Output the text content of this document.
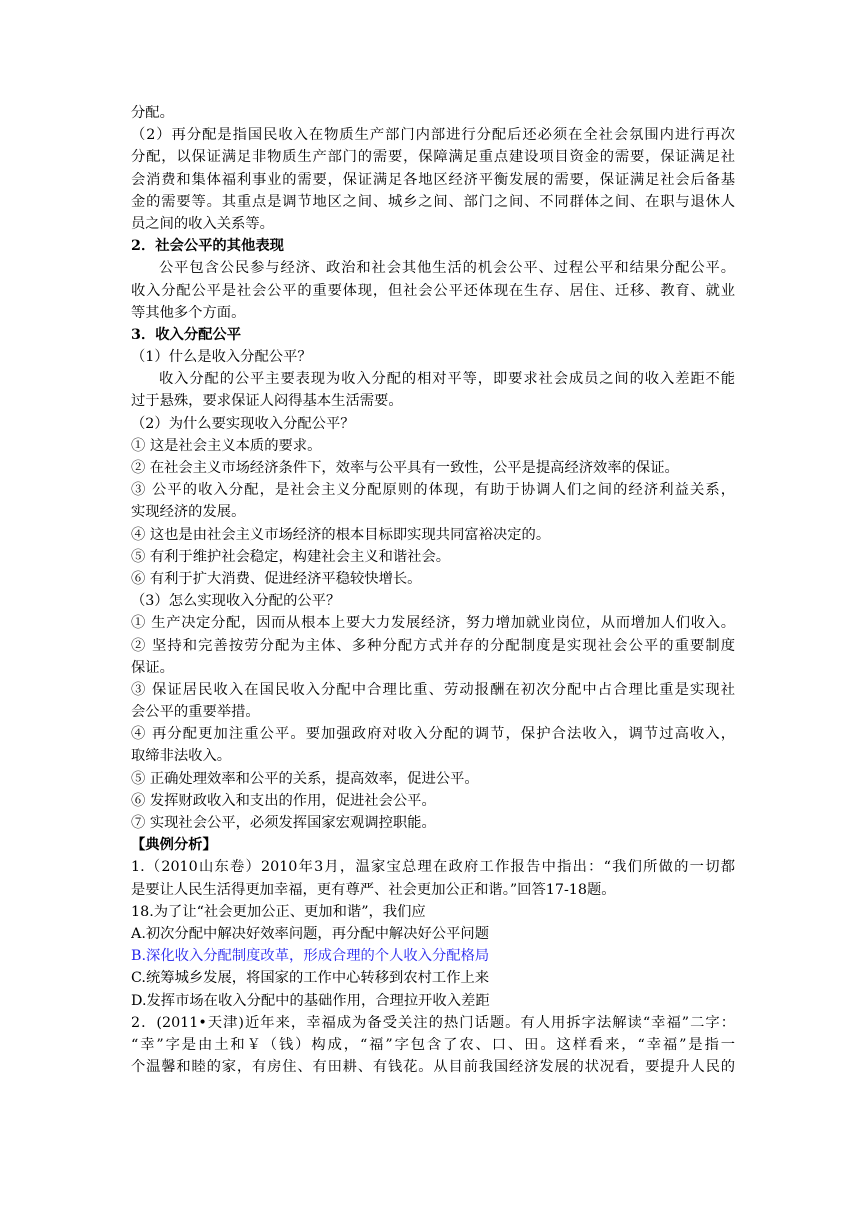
分配。
（2）再分配是指国民收入在物质生产部门内部进行分配后还必须在全社会氛围内进行再次
分配，以保证满足非物质生产部门的需要，保障满足重点建设项目资金的需要，保证满足社
会消费和集体福利事业的需要，保证满足各地区经济平衡发展的需要，保证满足社会后备基
金的需要等。其重点是调节地区之间、城乡之间、部门之间、不同群体之间、在职与退休人
员之间的收入关系等。
2．社会公平的其他表现
公平包含公民参与经济、政治和社会其他生活的机会公平、过程公平和结果分配公平。
收入分配公平是社会公平的重要体现，但社会公平还体现在生存、居住、迁移、教育、就业
等其他多个方面。
3．收入分配公平
（1）什么是收入分配公平？
收入分配的公平主要表现为收入分配的相对平等，即要求社会成员之间的收入差距不能
过于悬殊，要求保证人闷得基本生活需要。
（2）为什么要实现收入分配公平？
① 这是社会主义本质的要求。
② 在社会主义市场经济条件下，效率与公平具有一致性，公平是提高经济效率的保证。
③ 公平的收入分配，是社会主义分配原则的体现，有助于协调人们之间的经济利益关系，
实现经济的发展。
④ 这也是由社会主义市场经济的根本目标即实现共同富裕决定的。
⑤ 有利于维护社会稳定，构建社会主义和谐社会。
⑥ 有利于扩大消费、促进经济平稳较快增长。
（3）怎么实现收入分配的公平？
① 生产决定分配，因而从根本上要大力发展经济，努力增加就业岗位，从而增加人们收入。
② 坚持和完善按劳分配为主体、多种分配方式并存的分配制度是实现社会公平的重要制度
保证。
③ 保证居民收入在国民收入分配中合理比重、劳动报酬在初次分配中占合理比重是实现社
会公平的重要举措。
④ 再分配更加注重公平。要加强政府对收入分配的调节，保护合法收入，调节过高收入，
取缔非法收入。
⑤ 正确处理效率和公平的关系，提高效率，促进公平。
⑥ 发挥财政收入和支出的作用，促进社会公平。
⑦ 实现社会公平，必须发挥国家宏观调控职能。
【典例分析】
1.（2010山东卷）2010年3月，温家宝总理在政府工作报告中指出：“我们所做的一切都
是要让人民生活得更加幸福，更有尊严、社会更加公正和谐。”回答17-18题。
18.为了让“社会更加公正、更加和谐”，我们应
A.初次分配中解决好效率问题，再分配中解决好公平问题
B.深化收入分配制度改革，形成合理的个人收入分配格局
C.统筹城乡发展，将国家的工作中心转移到农村工作上来
D.发挥市场在收入分配中的基础作用，合理拉开收入差距
2．(2011•天津)近年来，幸福成为备受关注的热门话题。有人用拆字法解读“幸福”二字：
“幸”字是由土和￥（钱）构成，“福”字包含了农、口、田。这样看来，“幸福”是指一
个温馨和睦的家，有房住、有田耕、有钱花。从目前我国经济发展的状况看，要提升人民的
